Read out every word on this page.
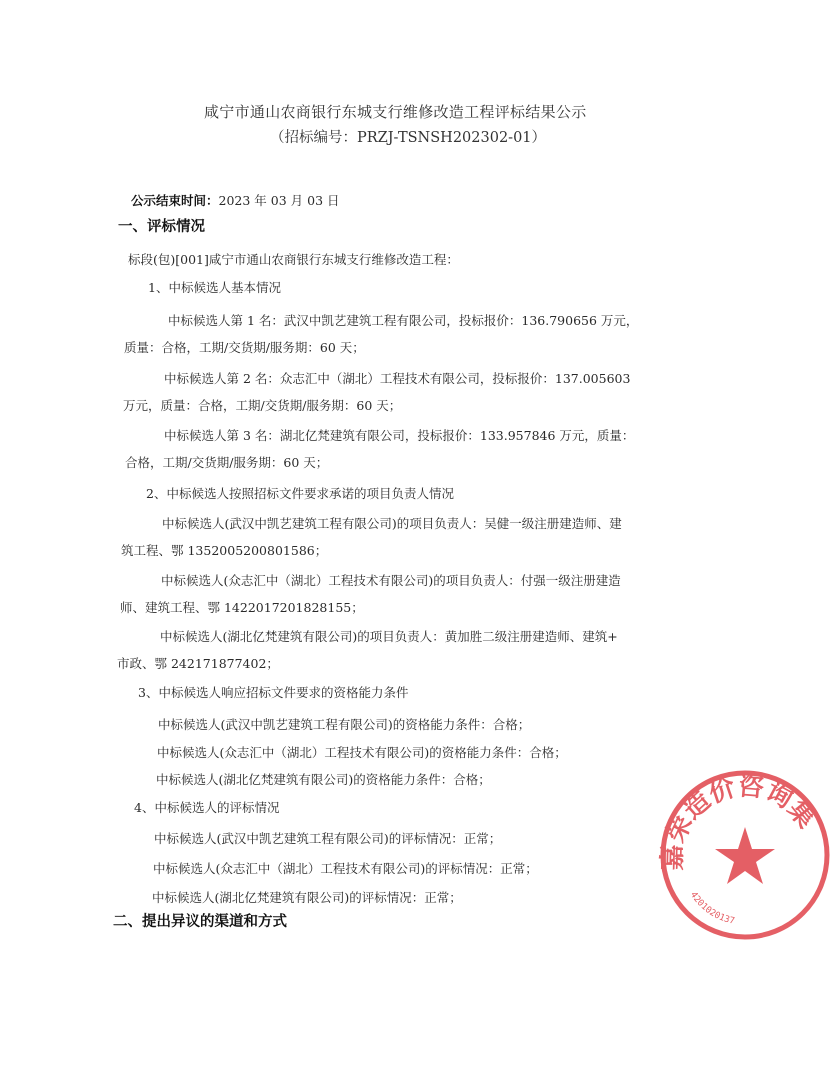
咸宁市通山农商银行东城支行维修改造工程评标结果公示
（招标编号：PRZJ-TSNSH202302-01）
公示结束时间：2023 年 03 月 03 日
一、评标情况
标段(包)[001]咸宁市通山农商银行东城支行维修改造工程：
1、中标候选人基本情况
中标候选人第 1 名：武汉中凯艺建筑工程有限公司，投标报价：136.790656 万元，
质量：合格，工期/交货期/服务期：60 天；
中标候选人第 2 名：众志汇中（湖北）工程技术有限公司，投标报价：137.005603
万元，质量：合格，工期/交货期/服务期：60 天；
中标候选人第 3 名：湖北亿梵建筑有限公司，投标报价：133.957846 万元，质量：
合格，工期/交货期/服务期：60 天；
2、中标候选人按照招标文件要求承诺的项目负责人情况
中标候选人(武汉中凯艺建筑工程有限公司)的项目负责人：吴健一级注册建造师、建
筑工程、鄂 1352005200801586；
中标候选人(众志汇中（湖北）工程技术有限公司)的项目负责人：付强一级注册建造
师、建筑工程、鄂 1422017201828155；
中标候选人(湖北亿梵建筑有限公司)的项目负责人：黄加胜二级注册建造师、建筑+
市政、鄂 242171877402；
3、中标候选人响应招标文件要求的资格能力条件
中标候选人(武汉中凯艺建筑工程有限公司)的资格能力条件：合格；
中标候选人(众志汇中（湖北）工程技术有限公司)的资格能力条件：合格；
中标候选人(湖北亿梵建筑有限公司)的资格能力条件：合格；
4、中标候选人的评标情况
中标候选人(武汉中凯艺建筑工程有限公司)的评标情况：正常；
中标候选人(众志汇中（湖北）工程技术有限公司)的评标情况：正常；
中标候选人(湖北亿梵建筑有限公司)的评标情况：正常；
二、提出异议的渠道和方式
嘉荣造价咨询集
4201020137
